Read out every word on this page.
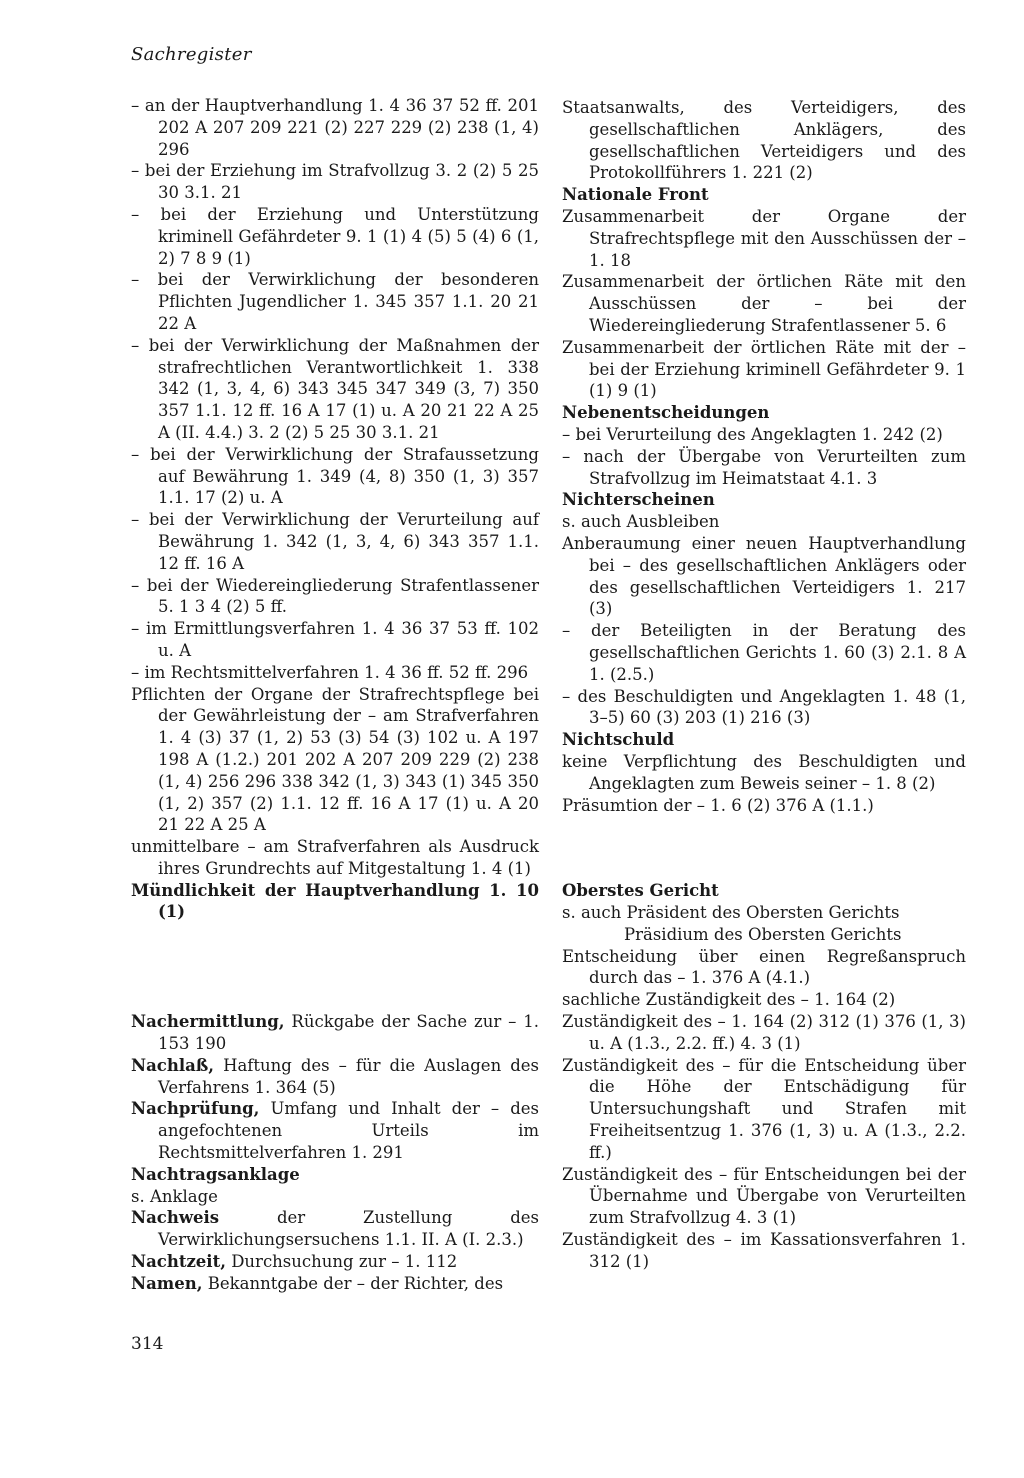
Sachregister

– an der Hauptverhandlung 1. 4 36 37 52 ff. 201 202 A 207 209 221 (2) 227 229 (2) 238 (1, 4) 296

– bei der Erziehung im Strafvollzug 3. 2 (2) 5 25 30 3.1. 21

– bei der Erziehung und Unterstützung kriminell Gefährdeter 9. 1 (1) 4 (5) 5 (4) 6 (1, 2) 7 8 9 (1)

– bei der Verwirklichung der besonderen Pflichten Jugendlicher 1. 345 357 1.1. 20 21 22 A

– bei der Verwirklichung der Maßnahmen der strafrechtlichen Verantwortlichkeit 1. 338 342 (1, 3, 4, 6) 343 345 347 349 (3, 7) 350 357 1.1. 12 ff. 16 A 17 (1) u. A 20 21 22 A 25 A (II. 4.4.) 3. 2 (2) 5 25 30 3.1. 21

– bei der Verwirklichung der Strafaussetzung auf Bewährung 1. 349 (4, 8) 350 (1, 3) 357 1.1. 17 (2) u. A

– bei der Verwirklichung der Verurteilung auf Bewährung 1. 342 (1, 3, 4, 6) 343 357 1.1. 12 ff. 16 A

– bei der Wiedereingliederung Strafentlassener 5. 1 3 4 (2) 5 ff.

– im Ermittlungsverfahren 1. 4 36 37 53 ff. 102 u. A

– im Rechtsmittelverfahren 1. 4 36 ff. 52 ff. 296

Pflichten der Organe der Strafrechtspflege bei der Gewährleistung der – am Strafverfahren 1. 4 (3) 37 (1, 2) 53 (3) 54 (3) 102 u. A 197 198 A (1.2.) 201 202 A 207 209 229 (2) 238 (1, 4) 256 296 338 342 (1, 3) 343 (1) 345 350 (1, 2) 357 (2) 1.1. 12 ff. 16 A 17 (1) u. A 20 21 22 A 25 A

unmittelbare – am Strafverfahren als Ausdruck ihres Grundrechts auf Mitgestaltung 1. 4 (1)

Mündlichkeit der Hauptverhandlung 1. 10 (1)

Nachermittlung, Rückgabe der Sache zur – 1. 153 190

Nachlaß, Haftung des – für die Auslagen des Verfahrens 1. 364 (5)

Nachprüfung, Umfang und Inhalt der – des angefochtenen Urteils im Rechtsmittelverfahren 1. 291

Nachtragsanklage

s. Anklage

Nachweis der Zustellung des Verwirklichungsersuchens 1.1. II. A (I. 2.3.)

Nachtzeit, Durchsuchung zur – 1. 112

Namen, Bekanntgabe der – der Richter, des

Staatsanwalts, des Verteidigers, des gesellschaftlichen Anklägers, des gesellschaftlichen Verteidigers und des Protokollführers 1. 221 (2)

Nationale Front

Zusammenarbeit der Organe der Strafrechtspflege mit den Ausschüssen der – 1. 18

Zusammenarbeit der örtlichen Räte mit den Ausschüssen der – bei der Wiedereingliederung Strafentlassener 5. 6

Zusammenarbeit der örtlichen Räte mit der – bei der Erziehung kriminell Gefährdeter 9. 1 (1) 9 (1)

Nebenentscheidungen

– bei Verurteilung des Angeklagten 1. 242 (2)

– nach der Übergabe von Verurteilten zum Strafvollzug im Heimatstaat 4.1. 3

Nichterscheinen

s. auch Ausbleiben

Anberaumung einer neuen Hauptverhandlung bei – des gesellschaftlichen Anklägers oder des gesellschaftlichen Verteidigers 1. 217 (3)

– der Beteiligten in der Beratung des gesellschaftlichen Gerichts 1. 60 (3) 2.1. 8 A 1. (2.5.)

– des Beschuldigten und Angeklagten 1. 48 (1, 3–5) 60 (3) 203 (1) 216 (3)

Nichtschuld

keine Verpflichtung des Beschuldigten und Angeklagten zum Beweis seiner – 1. 8 (2)

Präsumtion der – 1. 6 (2) 376 A (1.1.)

Oberstes Gericht

s. auch Präsident des Obersten Gerichts

Präsidium des Obersten Gerichts

Entscheidung über einen Regreßanspruch durch das – 1. 376 A (4.1.)

sachliche Zuständigkeit des – 1. 164 (2)

Zuständigkeit des – 1. 164 (2) 312 (1) 376 (1, 3) u. A (1.3., 2.2. ff.) 4. 3 (1)

Zuständigkeit des – für die Entscheidung über die Höhe der Entschädigung für Untersuchungshaft und Strafen mit Freiheitsentzug 1. 376 (1, 3) u. A (1.3., 2.2. ff.)

Zuständigkeit des – für Entscheidungen bei der Übernahme und Übergabe von Verurteilten zum Strafvollzug 4. 3 (1)

Zuständigkeit des – im Kassationsverfahren 1. 312 (1)

314
